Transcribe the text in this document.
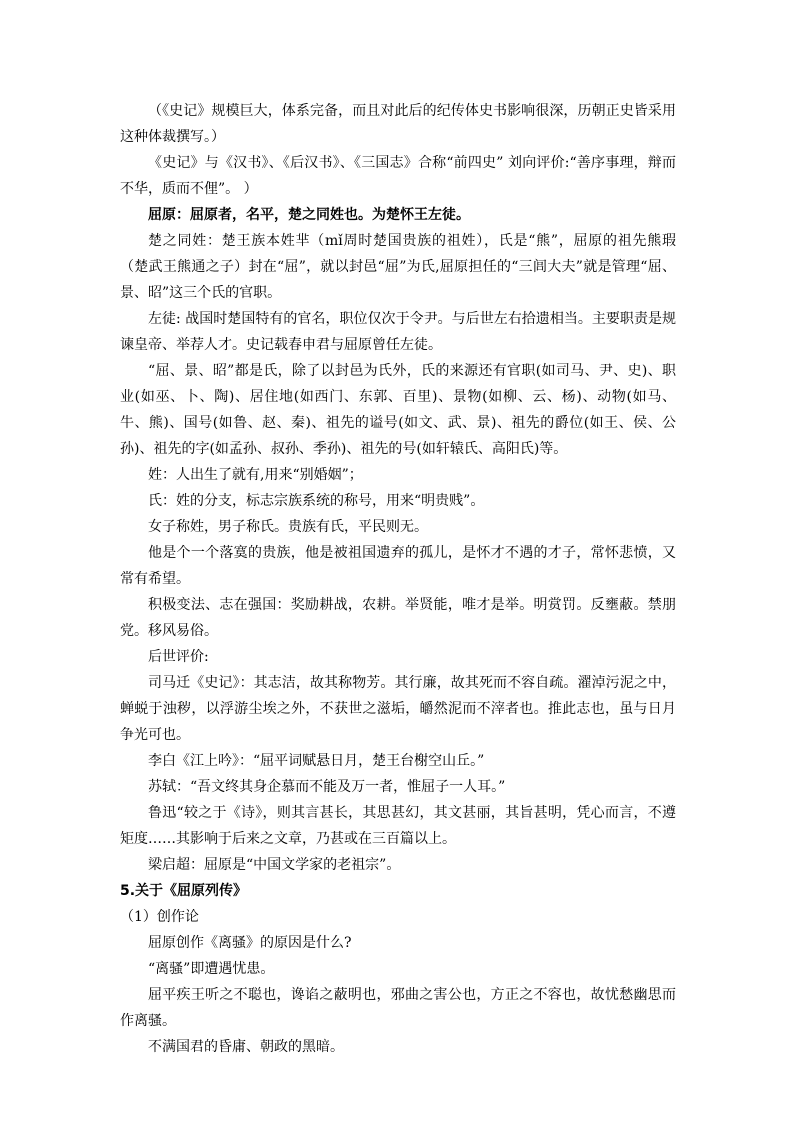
（《史记》规模巨大，体系完备，而且对此后的纪传体史书影响很深，历朝正史皆采用这种体裁撰写。）

《史记》与《汉书》、《后汉书》、《三国志》合称“前四史” 刘向评价:“善序事理，辩而不华，质而不俚”。 ）

屈原：屈原者，名平，楚之同姓也。为楚怀王左徒。

楚之同姓：楚王族本姓芈（mǐ周时楚国贵族的祖姓），氏是“熊”，屈原的祖先熊瑕（楚武王熊通之子）封在“屈”，就以封邑“屈”为氏,屈原担任的“三闾大夫”就是管理“屈、景、昭”这三个氏的官职。

左徒: 战国时楚国特有的官名，职位仅次于令尹。与后世左右拾遗相当。主要职责是规谏皇帝、举荐人才。史记载春申君与屈原曾任左徒。

“屈、景、昭”都是氏，除了以封邑为氏外，氏的来源还有官职(如司马、尹、史)、职业(如巫、卜、陶)、居住地(如西门、东郭、百里)、景物(如柳、云、杨)、动物(如马、牛、熊)、国号(如鲁、赵、秦)、祖先的谥号(如文、武、景)、祖先的爵位(如王、侯、公孙)、祖先的字(如孟孙、叔孙、季孙)、祖先的号(如轩辕氏、高阳氏)等。

姓：人出生了就有,用来“别婚姻”；

氏：姓的分支，标志宗族系统的称号，用来“明贵贱”。

女子称姓，男子称氏。贵族有氏，平民则无。

他是个一个落寞的贵族，他是被祖国遗弃的孤儿，是怀才不遇的才子，常怀悲愤，又常有希望。

积极变法、志在强国：奖励耕战，农耕。举贤能，唯才是举。明赏罚。反壅蔽。禁朋党。移风易俗。

后世评价:

司马迁《史记》：其志洁，故其称物芳。其行廉，故其死而不容自疏。濯淖污泥之中，蝉蜕于浊秽，以浮游尘埃之外，不获世之滋垢，皭然泥而不滓者也。推此志也，虽与日月争光可也。

李白《江上吟》：“屈平词赋悬日月，楚王台榭空山丘。”

苏轼：“吾文终其身企慕而不能及万一者，惟屈子一人耳。”

鲁迅“较之于《诗》，则其言甚长，其思甚幻，其文甚丽，其旨甚明，凭心而言，不遵矩度……其影响于后来之文章，乃甚或在三百篇以上。

梁启超：屈原是“中国文学家的老祖宗”。

5.关于《屈原列传》

（1）创作论

屈原创作《离骚》的原因是什么?

“离骚”即遭遇忧患。

屈平疾王听之不聪也，谗谄之蔽明也，邪曲之害公也，方正之不容也，故忧愁幽思而作离骚。

不满国君的昏庸、朝政的黑暗。
